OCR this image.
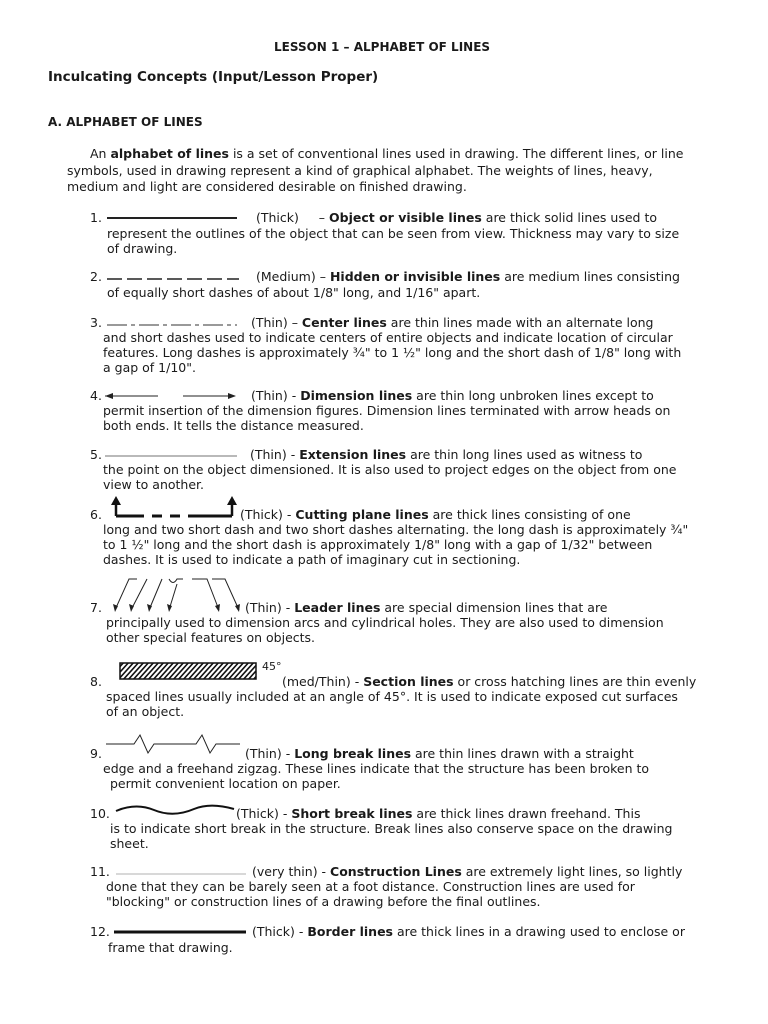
LESSON 1 – ALPHABET OF LINES
Inculcating Concepts (Input/Lesson Proper)
A. ALPHABET OF LINES
An alphabet of lines is a set of conventional lines used in drawing. The different lines, or line
symbols, used in drawing represent a kind of graphical alphabet. The weights of lines, heavy,
medium and light are considered desirable on finished drawing.
1.	(Thick) – Object or visible lines are thick solid lines used to
represent the outlines of the object that can be seen from view. Thickness may vary to size
of drawing.
2.	(Medium) – Hidden or invisible lines are medium lines consisting
of equally short dashes of about 1/8" long, and 1/16" apart.
3.	(Thin) – Center lines are thin lines made with an alternate long
and short dashes used to indicate centers of entire objects and indicate location of circular
features. Long dashes is approximately ¾" to 1 ½" long and the short dash of 1/8" long with
a gap of 1/10".
4.	(Thin) - Dimension lines are thin long unbroken lines except to
permit insertion of the dimension figures. Dimension lines terminated with arrow heads on
both ends. It tells the distance measured.
5.	(Thin) - Extension lines are thin long lines used as witness to
the point on the object dimensioned. It is also used to project edges on the object from one
view to another.
6.	(Thick) - Cutting plane lines are thick lines consisting of one
long and two short dash and two short dashes alternating. the long dash is approximately ¾"
to 1 ½" long and the short dash is approximately 1/8" long with a gap of 1/32" between
dashes. It is used to indicate a path of imaginary cut in sectioning.
7.	(Thin) - Leader lines are special dimension lines that are
principally used to dimension arcs and cylindrical holes. They are also used to dimension
other special features on objects.
8.
45°
(med/Thin) - Section lines or cross hatching lines are thin evenly
spaced lines usually included at an angle of 45°. It is used to indicate exposed cut surfaces
of an object.
9.	(Thin) - Long break lines are thin lines drawn with a straight
edge and a freehand zigzag. These lines indicate that the structure has been broken to
permit convenient location on paper.
10.	(Thick) - Short break lines are thick lines drawn freehand. This
is to indicate short break in the structure. Break lines also conserve space on the drawing
sheet.
11.	(very thin) - Construction Lines are extremely light lines, so lightly
done that they can be barely seen at a foot distance. Construction lines are used for
"blocking" or construction lines of a drawing before the final outlines.
12.	(Thick) - Border lines are thick lines in a drawing used to enclose or
frame that drawing.
